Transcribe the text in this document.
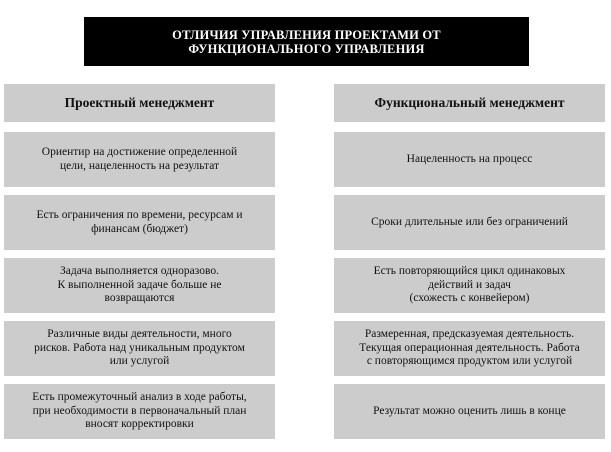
ОТЛИЧИЯ УПРАВЛЕНИЯ ПРОЕКТАМИ ОТ
ФУНКЦИОНАЛЬНОГО УПРАВЛЕНИЯ
Проектный менеджмент	Функциональный менеджмент
Ориентир на достижение определенной
цели, нацеленность на результат
Есть ограничения по времени, ресурсам и
финансам (бюджет)
Задача выполняется одноразово.
К выполненной задаче больше не
возвращаются
Различные виды деятельности, много
рисков. Работа над уникальным продуктом
или услугой
Есть промежуточный анализ в ходе работы,
при необходимости в первоначальный план
вносят корректировки
Нацеленность на процесс
Сроки длительные или без ограничений
Есть повторяющийся цикл одинаковых
действий и задач
(схожесть с конвейером)
Размеренная, предсказуемая деятельность.
Текущая операционная деятельность. Работа
с повторяющимся продуктом или услугой
Результат можно оценить лишь в конце
